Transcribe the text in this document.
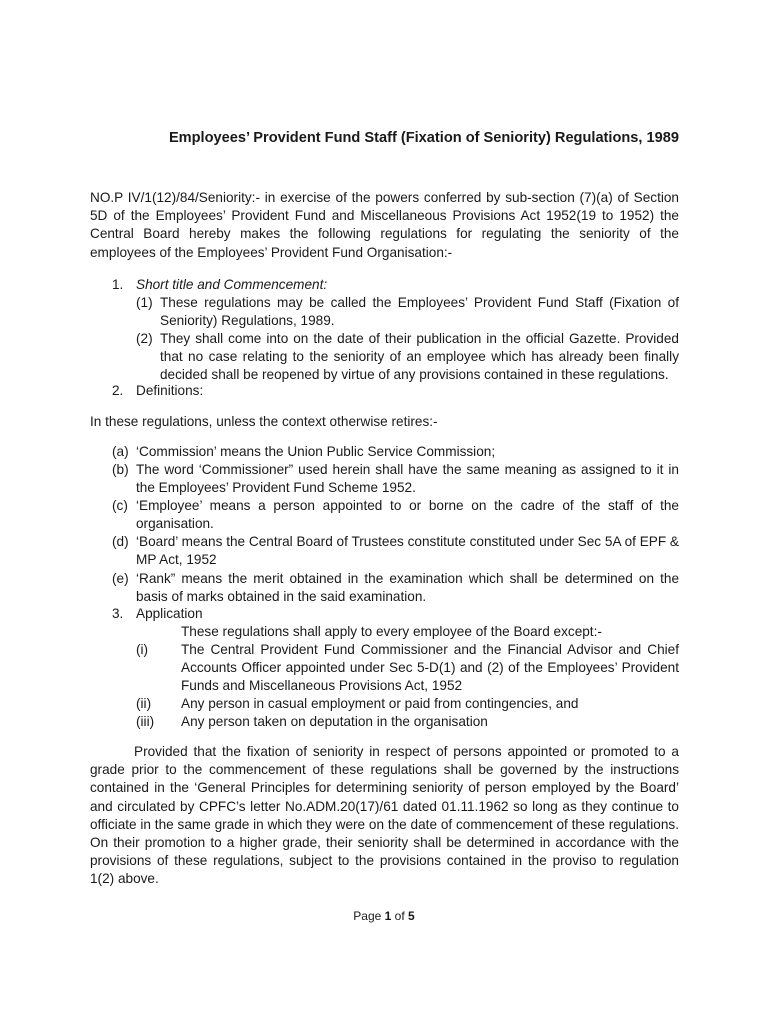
Employees’ Provident Fund Staff (Fixation of Seniority) Regulations, 1989

NO.P IV/1(12)/84/Seniority:- in exercise of the powers conferred by sub-section (7)(a) of Section 5D of the Employees’ Provident Fund and Miscellaneous Provisions Act 1952(19 to 1952) the Central Board hereby makes the following regulations for regulating the seniority of the employees of the Employees’ Provident Fund Organisation:-

1. Short title and Commencement:
(1) These regulations may be called the Employees’ Provident Fund Staff (Fixation of Seniority) Regulations, 1989.
(2) They shall come into on the date of their publication in the official Gazette. Provided that no case relating to the seniority of an employee which has already been finally decided shall be reopened by virtue of any provisions contained in these regulations.
2. Definitions:
In these regulations, unless the context otherwise retires:-
(a) ‘Commission’ means the Union Public Service Commission;
(b) The word ‘Commissioner” used herein shall have the same meaning as assigned to it in the Employees’ Provident Fund Scheme 1952.
(c) ‘Employee’ means a person appointed to or borne on the cadre of the staff of the organisation.
(d) ‘Board’ means the Central Board of Trustees constitute constituted under Sec 5A of EPF & MP Act, 1952
(e) ‘Rank” means the merit obtained in the examination which shall be determined on the basis of marks obtained in the said examination.
3. Application
These regulations shall apply to every employee of the Board except:-
(i) The Central Provident Fund Commissioner and the Financial Advisor and Chief Accounts Officer appointed under Sec 5-D(1) and (2) of the Employees’ Provident Funds and Miscellaneous Provisions Act, 1952
(ii) Any person in casual employment or paid from contingencies, and
(iii) Any person taken on deputation in the organisation

Provided that the fixation of seniority in respect of persons appointed or promoted to a grade prior to the commencement of these regulations shall be governed by the instructions contained in the ‘General Principles for determining seniority of person employed by the Board’ and circulated by CPFC’s letter No.ADM.20(17)/61 dated 01.11.1962 so long as they continue to officiate in the same grade in which they were on the date of commencement of these regulations. On their promotion to a higher grade, their seniority shall be determined in accordance with the provisions of these regulations, subject to the provisions contained in the proviso to regulation 1(2) above.

Page 1 of 5
